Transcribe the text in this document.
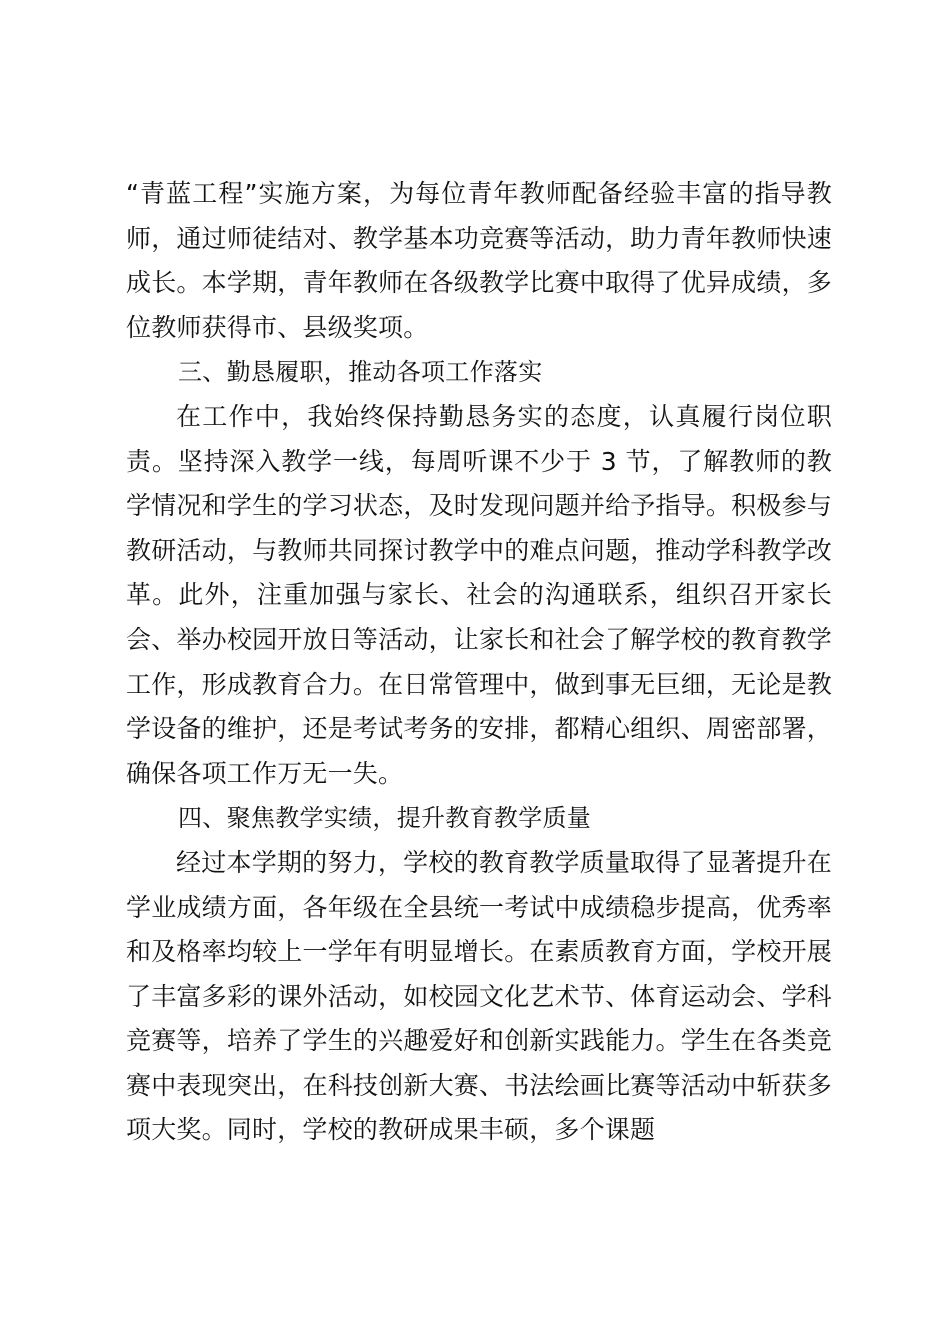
“青蓝工程”实施方案，为每位青年教师配备经验丰富的指导教师，通过师徒结对、教学基本功竞赛等活动，助力青年教师快速成长。本学期，青年教师在各级教学比赛中取得了优异成绩，多位教师获得市、县级奖项。

三、勤恳履职，推动各项工作落实

在工作中，我始终保持勤恳务实的态度，认真履行岗位职责。坚持深入教学一线，每周听课不少于 3 节，了解教师的教学情况和学生的学习状态，及时发现问题并给予指导。积极参与教研活动，与教师共同探讨教学中的难点问题，推动学科教学改革。此外，注重加强与家长、社会的沟通联系，组织召开家长会、举办校园开放日等活动，让家长和社会了解学校的教育教学工作，形成教育合力。在日常管理中，做到事无巨细，无论是教学设备的维护，还是考试考务的安排，都精心组织、周密部署，确保各项工作万无一失。

四、聚焦教学实绩，提升教育教学质量

经过本学期的努力，学校的教育教学质量取得了显著提升在学业成绩方面，各年级在全县统一考试中成绩稳步提高，优秀率和及格率均较上一学年有明显增长。在素质教育方面，学校开展了丰富多彩的课外活动，如校园文化艺术节、体育运动会、学科竞赛等，培养了学生的兴趣爱好和创新实践能力。学生在各类竞赛中表现突出，在科技创新大赛、书法绘画比赛等活动中斩获多项大奖。同时，学校的教研成果丰硕，多个课题
